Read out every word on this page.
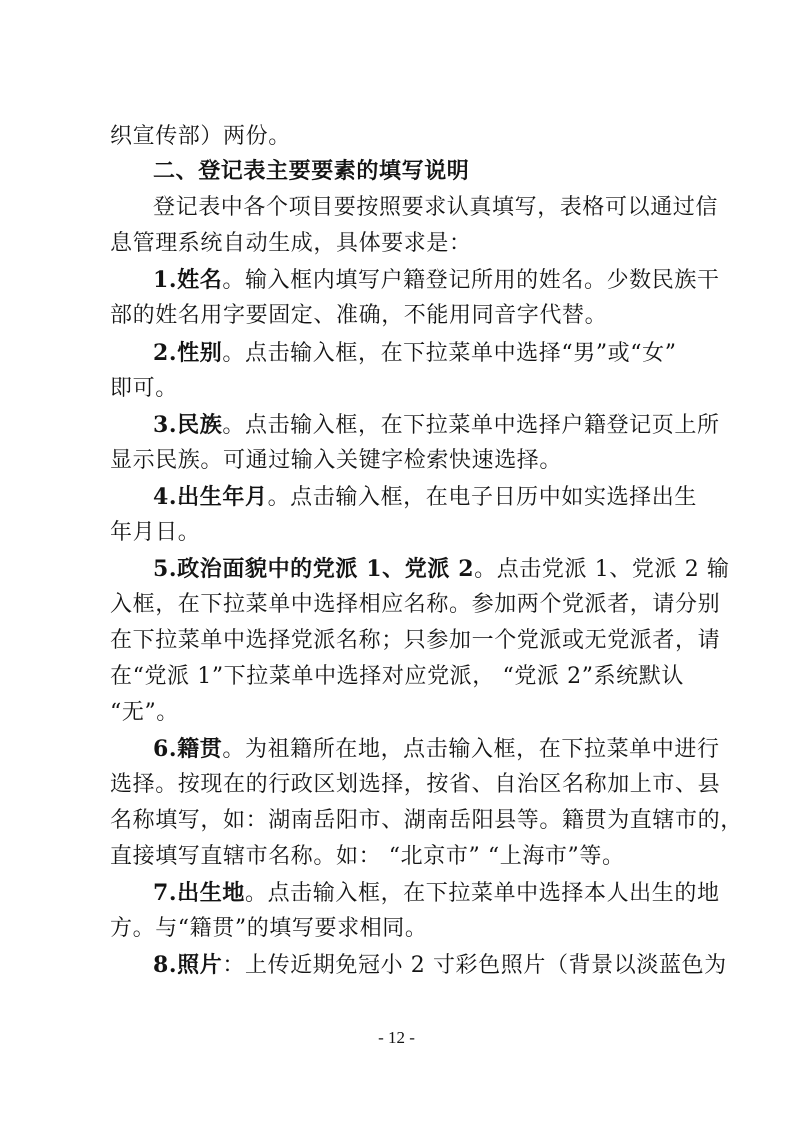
织宣传部）两份。
二、登记表主要要素的填写说明
登记表中各个项目要按照要求认真填写，表格可以通过信
息管理系统自动生成，具体要求是：
1.姓名。输入框内填写户籍登记所用的姓名。少数民族干
部的姓名用字要固定、准确，不能用同音字代替。
2.性别。点击输入框，在下拉菜单中选择“男”或“女”
即可。
3.民族。点击输入框，在下拉菜单中选择户籍登记页上所
显示民族。可通过输入关键字检索快速选择。
4.出生年月。点击输入框，在电子日历中如实选择出生
年月日。
5.政治面貌中的党派 1、党派 2。点击党派 1、党派 2 输
入框，在下拉菜单中选择相应名称。参加两个党派者，请分别
在下拉菜单中选择党派名称；只参加一个党派或无党派者，请
在“党派 1”下拉菜单中选择对应党派， “党派 2”系统默认
“无”。
6.籍贯。为祖籍所在地，点击输入框，在下拉菜单中进行
选择。按现在的行政区划选择，按省、自治区名称加上市、县
名称填写，如：湖南岳阳市、湖南岳阳县等。籍贯为直辖市的，
直接填写直辖市名称。如： “北京市” “上海市”等。
7.出生地。点击输入框，在下拉菜单中选择本人出生的地
方。与“籍贯”的填写要求相同。
8.照片：上传近期免冠小 2 寸彩色照片（背景以淡蓝色为
- 12 -
